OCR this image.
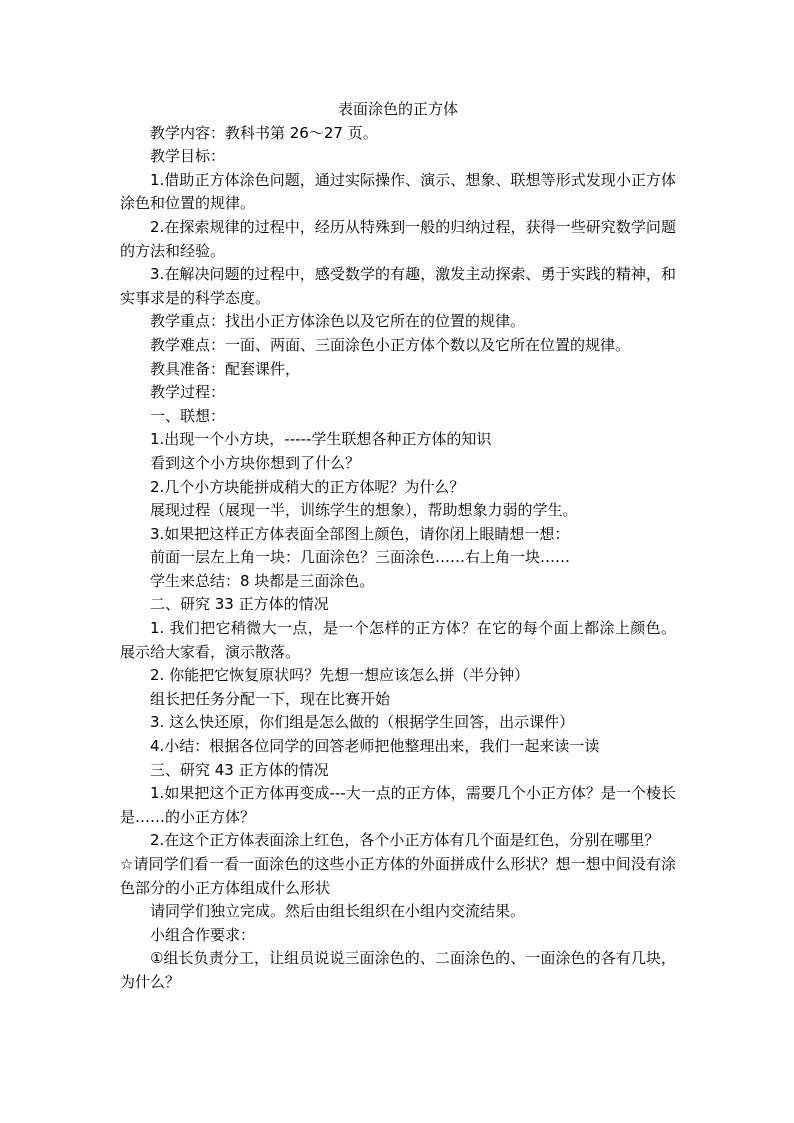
表面涂色的正方体

教学内容：教科书第 26～27 页。

教学目标：

1.借助正方体涂色问题，通过实际操作、演示、想象、联想等形式发现小正方体涂色和位置的规律。

2.在探索规律的过程中，经历从特殊到一般的归纳过程，获得一些研究数学问题的方法和经验。

3.在解决问题的过程中，感受数学的有趣，激发主动探索、勇于实践的精神，和实事求是的科学态度。

教学重点：找出小正方体涂色以及它所在的位置的规律。

教学难点：一面、两面、三面涂色小正方体个数以及它所在位置的规律。

教具准备：配套课件，

教学过程：

一、联想：

1.出现一个小方块，-----学生联想各种正方体的知识

看到这个小方块你想到了什么？

2.几个小方块能拼成稍大的正方体呢？为什么？

展现过程（展现一半，训练学生的想象），帮助想象力弱的学生。

3.如果把这样正方体表面全部图上颜色，请你闭上眼睛想一想：

前面一层左上角一块：几面涂色？三面涂色……右上角一块……

学生来总结：8 块都是三面涂色。

二、研究 33 正方体的情况

1. 我们把它稍微大一点，是一个怎样的正方体？在它的每个面上都涂上颜色。展示给大家看，演示散落。

2. 你能把它恢复原状吗？先想一想应该怎么拼（半分钟）

组长把任务分配一下，现在比赛开始

3. 这么快还原，你们组是怎么做的（根据学生回答，出示课件）

4.小结：根据各位同学的回答老师把他整理出来，我们一起来读一读

三、研究 43 正方体的情况

1.如果把这个正方体再变成---大一点的正方体，需要几个小正方体？是一个棱长是……的小正方体？

2.在这个正方体表面涂上红色，各个小正方体有几个面是红色，分别在哪里？

☆请同学们看一看一面涂色的这些小正方体的外面拼成什么形状？想一想中间没有涂色部分的小正方体组成什么形状

请同学们独立完成。然后由组长组织在小组内交流结果。

小组合作要求：

①组长负责分工，让组员说说三面涂色的、二面涂色的、一面涂色的各有几块，为什么？
